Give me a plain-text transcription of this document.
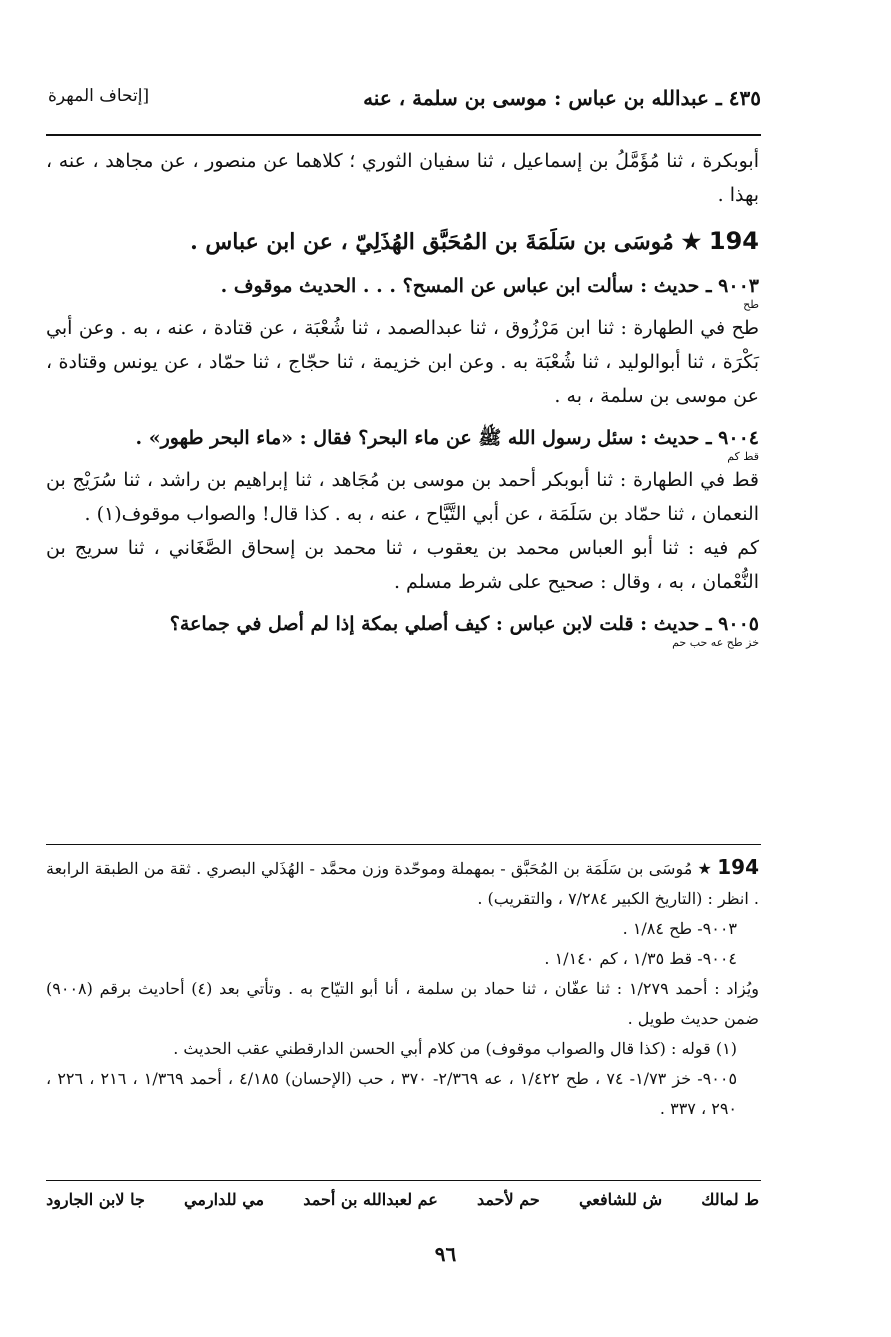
٤٣٥ ـ عبدالله بن عباس : موسى بن سلمة ، عنه
[إتحاف المهرة

أبوبكرة ، ثنا مُؤَمَّلُ بن إسماعيل ، ثنا سفيان الثوري ؛ كلاهما عن منصور ، عن مجاهد ، عنه ، بهذا .

194 ★ مُوسَى بن سَلَمَةَ بن المُحَبَّق الهُذَلِيّ ، عن ابن عباس .

٩٠٠٣ ـ حديث : سألت ابن عباس عن المسح؟ . . . الحديث موقوف .

طح

طح في الطهارة : ثنا ابن مَرْزُوق ، ثنا عبدالصمد ، ثنا شُعْبَة ، عن قتادة ، عنه ، به . وعن أبي بَكْرَة ، ثنا أبوالوليد ، ثنا شُعْبَة به . وعن ابن خزيمة ، ثنا حجّاج ، ثنا حمّاد ، عن يونس وقتادة ، عن موسى بن سلمة ، به .

٩٠٠٤ ـ حديث : سئل رسول الله ﷺ عن ماء البحر؟ فقال : «ماء البحر طهور» .

قط كم

قط في الطهارة : ثنا أبوبكر أحمد بن موسى بن مُجَاهد ، ثنا إبراهيم بن راشد ، ثنا سُرَيْج بن النعمان ، ثنا حمّاد بن سَلَمَة ، عن أبي التَّيَّاح ، عنه ، به . كذا قال! والصواب موقوف(١) .

كم فيه : ثنا أبو العباس محمد بن يعقوب ، ثنا محمد بن إسحاق الصَّغَاني ، ثنا سريج بن النُّعْمان ، به ، وقال : صحيح على شرط مسلم .

٩٠٠٥ ـ حديث : قلت لابن عباس : كيف أصلي بمكة إذا لم أصل في جماعة؟

خز طح عه حب حم

194 ★ مُوسَى بن سَلَمَة بن المُحَبَّق - بمهملة وموحّدة وزن محمَّد - الهُذَلي البصري . ثقة من الطبقة الرابعة . انظر : (التاريخ الكبير ٧/٢٨٤ ، والتقريب) .

٩٠٠٣- طح ١/٨٤ .

٩٠٠٤- قط ١/٣٥ ، كم ١/١٤٠ .

ويُزاد : أحمد ١/٢٧٩ : ثنا عفّان ، ثنا حماد بن سلمة ، أنا أبو التيّاح به . وتأتي بعد (٤) أحاديث برقم (٩٠٠٨) ضمن حديث طويل .

(١) قوله : (كذا قال والصواب موقوف) من كلام أبي الحسن الدارقطني عقب الحديث .

٩٠٠٥- خز ١/٧٣- ٧٤ ، طح ١/٤٢٢ ، عه ٢/٣٦٩- ٣٧٠ ، حب (الإحسان) ٤/١٨٥ ، أحمد ١/٣٦٩ ، ٢١٦ ، ٢٢٦ ، ٢٩٠ ، ٣٣٧ .

ط لمالك
ش للشافعي
حم لأحمد
عم لعبدالله بن أحمد
مي للدارمي
جا لابن الجارود
٩٦
